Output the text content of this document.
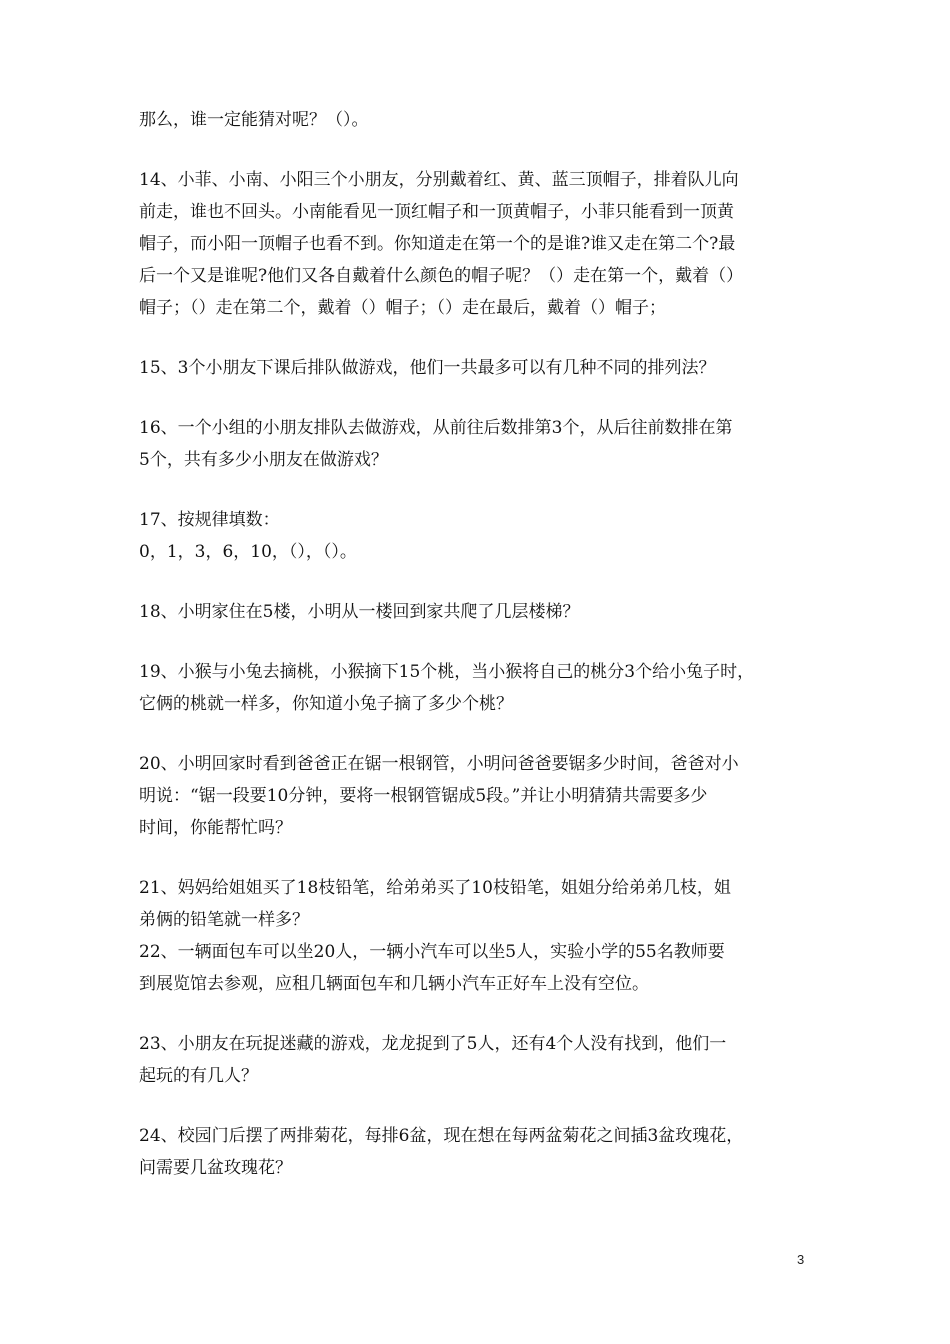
那么，谁一定能猜对呢？（）。
14、小菲、小南、小阳三个小朋友，分别戴着红、黄、蓝三顶帽子，排着队儿向
前走，谁也不回头。小南能看见一顶红帽子和一顶黄帽子，小菲只能看到一顶黄
帽子，而小阳一顶帽子也看不到。你知道走在第一个的是谁?谁又走在第二个?最
后一个又是谁呢?他们又各自戴着什么颜色的帽子呢？（）走在第一个，戴着（）
帽子；（）走在第二个，戴着（）帽子；（）走在最后，戴着（）帽子；
15、3个小朋友下课后排队做游戏，他们一共最多可以有几种不同的排列法？
16、一个小组的小朋友排队去做游戏，从前往后数排第3个，从后往前数排在第
5个，共有多少小朋友在做游戏？
17、按规律填数：
0，1，3，6，10，（），（）。
18、小明家住在5楼，小明从一楼回到家共爬了几层楼梯？
19、小猴与小兔去摘桃，小猴摘下15个桃，当小猴将自己的桃分3个给小兔子时，
它俩的桃就一样多，你知道小兔子摘了多少个桃？
20、小明回家时看到爸爸正在锯一根钢管，小明问爸爸要锯多少时间，爸爸对小
明说：“锯一段要10分钟，要将一根钢管锯成5段。”并让小明猜猜共需要多少
时间，你能帮忙吗？
21、妈妈给姐姐买了18枝铅笔，给弟弟买了10枝铅笔，姐姐分给弟弟几枝，姐
弟俩的铅笔就一样多？
22、一辆面包车可以坐20人，一辆小汽车可以坐5人，实验小学的55名教师要
到展览馆去参观，应租几辆面包车和几辆小汽车正好车上没有空位。
23、小朋友在玩捉迷藏的游戏，龙龙捉到了5人，还有4个人没有找到，他们一
起玩的有几人？
24、校园门后摆了两排菊花，每排6盆，现在想在每两盆菊花之间插3盆玫瑰花，
问需要几盆玫瑰花？
3
